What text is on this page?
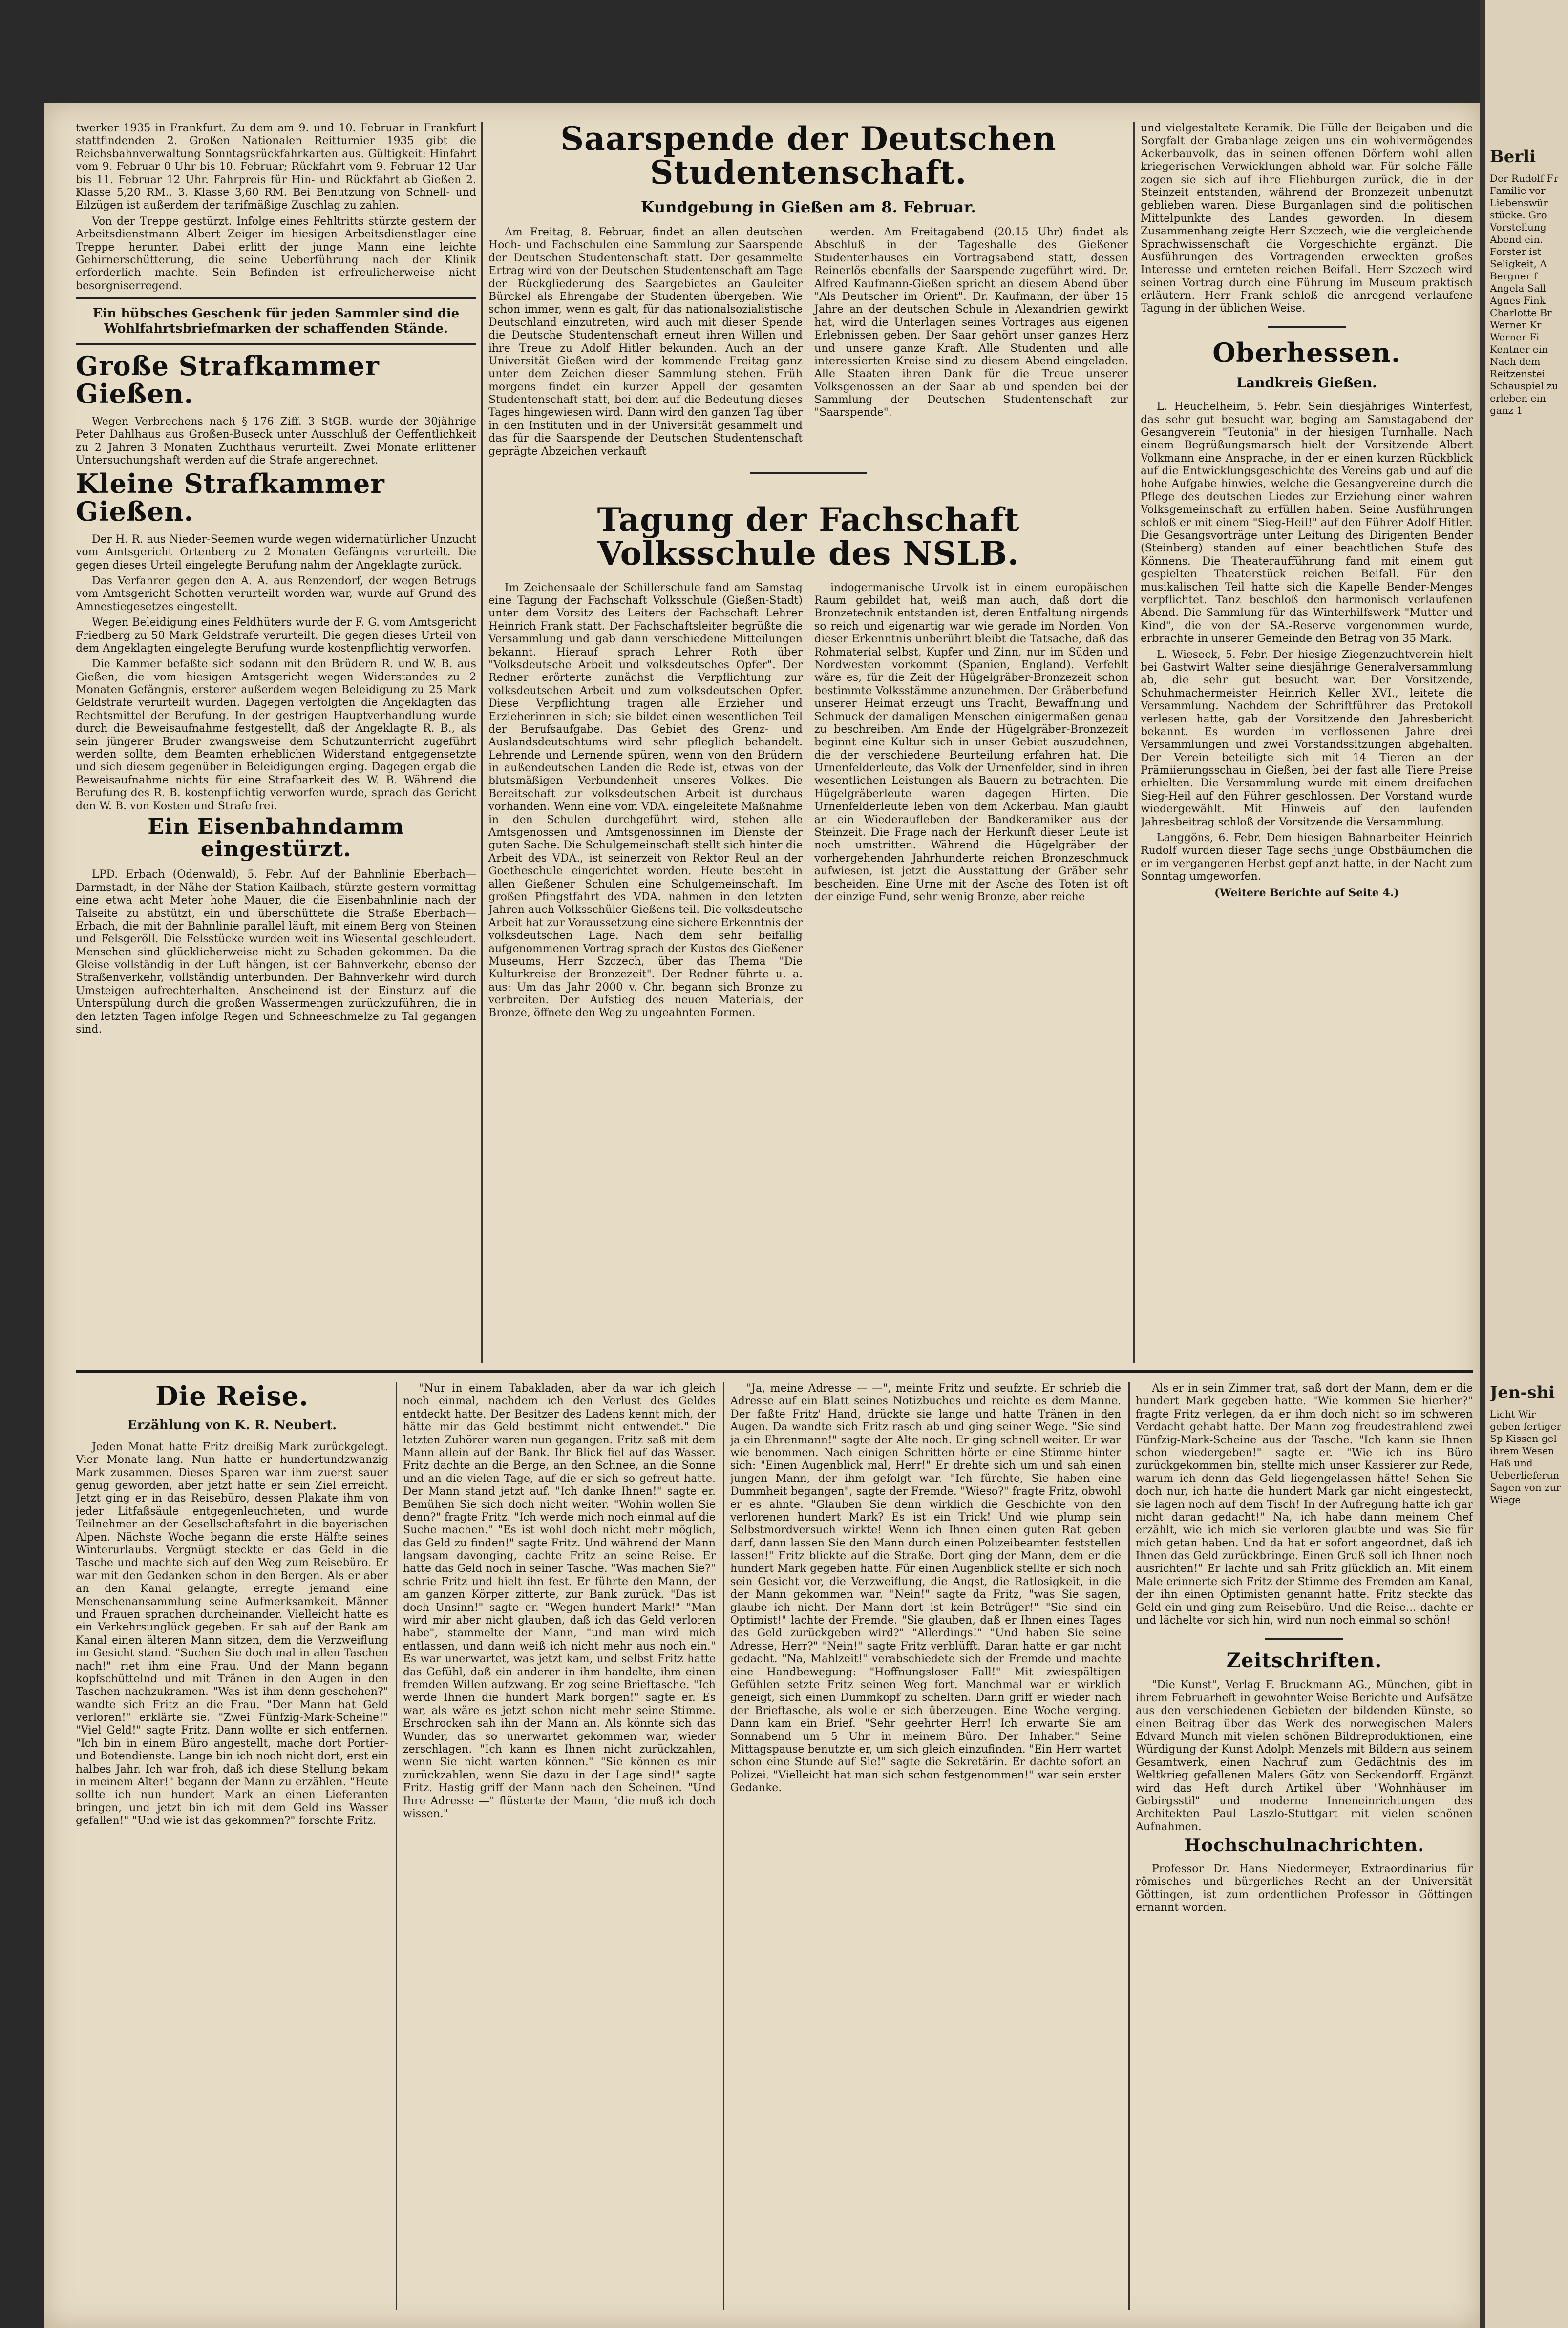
twerker 1935 in Frankfurt. Zu dem am 9. und 10. Februar in Frankfurt stattfindenden 2. Großen Nationalen Reitturnier 1935 gibt die Reichsbahnverwaltung Sonntagsrückfahrkarten aus. Gültigkeit: Hinfahrt vom 9. Februar 0 Uhr bis 10. Februar; Rückfahrt vom 9. Februar 12 Uhr bis 11. Februar 12 Uhr. Fahrpreis für Hin- und Rückfahrt ab Gießen 2. Klasse 5,20 RM., 3. Klasse 3,60 RM. Bei Benutzung von Schnell- und Eilzügen ist außerdem der tarifmäßige Zuschlag zu zahlen.

Von der Treppe gestürzt. Infolge eines Fehltritts stürzte gestern der Arbeitsdienstmann Albert Zeiger im hiesigen Arbeitsdienstlager eine Treppe herunter. Dabei erlitt der junge Mann eine leichte Gehirnerschütterung, die seine Ueberführung nach der Klinik erforderlich machte. Sein Befinden ist erfreulicherweise nicht besorgniserregend.

Ein hübsches Geschenk für jeden Sammler sind die Wohlfahrtsbriefmarken der schaffenden Stände.
Große Strafkammer Gießen.

Wegen Verbrechens nach § 176 Ziff. 3 StGB. wurde der 30jährige Peter Dahlhaus aus Großen-Buseck unter Ausschluß der Oeffentlichkeit zu 2 Jahren 3 Monaten Zuchthaus verurteilt. Zwei Monate erlittener Untersuchungshaft werden auf die Strafe angerechnet.

Kleine Strafkammer Gießen.

Der H. R. aus Nieder-Seemen wurde wegen widernatürlicher Unzucht vom Amtsgericht Ortenberg zu 2 Monaten Gefängnis verurteilt. Die gegen dieses Urteil eingelegte Berufung nahm der Angeklagte zurück.

Das Verfahren gegen den A. A. aus Renzendorf, der wegen Betrugs vom Amtsgericht Schotten verurteilt worden war, wurde auf Grund des Amnestiegesetzes eingestellt.

Wegen Beleidigung eines Feldhüters wurde der F. G. vom Amtsgericht Friedberg zu 50 Mark Geldstrafe verurteilt. Die gegen dieses Urteil von dem Angeklagten eingelegte Berufung wurde kostenpflichtig verworfen.

Die Kammer befaßte sich sodann mit den Brüdern R. und W. B. aus Gießen, die vom hiesigen Amtsgericht wegen Widerstandes zu 2 Monaten Gefängnis, ersterer außerdem wegen Beleidigung zu 25 Mark Geldstrafe verurteilt wurden. Dagegen verfolgten die Angeklagten das Rechtsmittel der Berufung. In der gestrigen Hauptverhandlung wurde durch die Beweisaufnahme festgestellt, daß der Angeklagte R. B., als sein jüngerer Bruder zwangsweise dem Schutzunterricht zugeführt werden sollte, dem Beamten erheblichen Widerstand entgegensetzte und sich diesem gegenüber in Beleidigungen erging. Dagegen ergab die Beweisaufnahme nichts für eine Strafbarkeit des W. B. Während die Berufung des R. B. kostenpflichtig verworfen wurde, sprach das Gericht den W. B. von Kosten und Strafe frei.

Ein Eisenbahndamm eingestürzt.

LPD. Erbach (Odenwald), 5. Febr. Auf der Bahnlinie Eberbach—Darmstadt, in der Nähe der Station Kailbach, stürzte gestern vormittag eine etwa acht Meter hohe Mauer, die die Eisenbahnlinie nach der Talseite zu abstützt, ein und überschüttete die Straße Eberbach—Erbach, die mit der Bahnlinie parallel läuft, mit einem Berg von Steinen und Felsgeröll. Die Felsstücke wurden weit ins Wiesental geschleudert. Menschen sind glücklicherweise nicht zu Schaden gekommen. Da die Gleise vollständig in der Luft hängen, ist der Bahnverkehr, ebenso der Straßenverkehr, vollständig unterbunden. Der Bahnverkehr wird durch Umsteigen aufrechterhalten. Anscheinend ist der Einsturz auf die Unterspülung durch die großen Wassermengen zurückzuführen, die in den letzten Tagen infolge Regen und Schneeschmelze zu Tal gegangen sind.

Saarspende der Deutschen Studentenschaft.
Kundgebung in Gießen am 8. Februar.

Am Freitag, 8. Februar, findet an allen deutschen Hoch- und Fachschulen eine Sammlung zur Saarspende der Deutschen Studentenschaft statt. Der gesammelte Ertrag wird von der Deutschen Studentenschaft am Tage der Rückgliederung des Saargebietes an Gauleiter Bürckel als Ehrengabe der Studenten übergeben. Wie schon immer, wenn es galt, für das nationalsozialistische Deutschland einzutreten, wird auch mit dieser Spende die Deutsche Studentenschaft erneut ihren Willen und ihre Treue zu Adolf Hitler bekunden. Auch an der Universität Gießen wird der kommende Freitag ganz unter dem Zeichen dieser Sammlung stehen. Früh morgens findet ein kurzer Appell der gesamten Studentenschaft statt, bei dem auf die Bedeutung dieses Tages hingewiesen wird. Dann wird den ganzen Tag über in den Instituten und in der Universität gesammelt und das für die Saarspende der Deutschen Studentenschaft geprägte Abzeichen verkauft

werden. Am Freitagabend (20.15 Uhr) findet als Abschluß in der Tageshalle des Gießener Studentenhauses ein Vortragsabend statt, dessen Reinerlös ebenfalls der Saarspende zugeführt wird. Dr. Alfred Kaufmann-Gießen spricht an diesem Abend über "Als Deutscher im Orient". Dr. Kaufmann, der über 15 Jahre an der deutschen Schule in Alexandrien gewirkt hat, wird die Unterlagen seines Vortrages aus eigenen Erlebnissen geben. Der Saar gehört unser ganzes Herz und unsere ganze Kraft. Alle Studenten und alle interessierten Kreise sind zu diesem Abend eingeladen. Alle Staaten ihren Dank für die Treue unserer Volksgenossen an der Saar ab und spenden bei der Sammlung der Deutschen Studentenschaft zur "Saarspende".

Tagung der Fachschaft Volksschule des NSLB.

Im Zeichensaale der Schillerschule fand am Samstag eine Tagung der Fachschaft Volksschule (Gießen-Stadt) unter dem Vorsitz des Leiters der Fachschaft Lehrer Heinrich Frank statt. Der Fachschaftsleiter begrüßte die Versammlung und gab dann verschiedene Mitteilungen bekannt. Hierauf sprach Lehrer Roth über "Volksdeutsche Arbeit und volksdeutsches Opfer". Der Redner erörterte zunächst die Verpflichtung zur volksdeutschen Arbeit und zum volksdeutschen Opfer. Diese Verpflichtung tragen alle Erzieher und Erzieherinnen in sich; sie bildet einen wesentlichen Teil der Berufsaufgabe. Das Gebiet des Grenz- und Auslandsdeutschtums wird sehr pfleglich behandelt. Lehrende und Lernende spüren, wenn von den Brüdern in außendeutschen Landen die Rede ist, etwas von der blutsmäßigen Verbundenheit unseres Volkes. Die Bereitschaft zur volksdeutschen Arbeit ist durchaus vorhanden. Wenn eine vom VDA. eingeleitete Maßnahme in den Schulen durchgeführt wird, stehen alle Amtsgenossen und Amtsgenossinnen im Dienste der guten Sache. Die Schulgemeinschaft stellt sich hinter die Arbeit des VDA., ist seinerzeit von Rektor Reul an der Goetheschule eingerichtet worden. Heute besteht in allen Gießener Schulen eine Schulgemeinschaft. Im großen Pfingstfahrt des VDA. nahmen in den letzten Jahren auch Volksschüler Gießens teil. Die volksdeutsche Arbeit hat zur Voraussetzung eine sichere Erkenntnis der volksdeutschen Lage. Nach dem sehr beifällig aufgenommenen Vortrag sprach der Kustos des Gießener Museums, Herr Szczech, über das Thema "Die Kulturkreise der Bronzezeit". Der Redner führte u. a. aus: Um das Jahr 2000 v. Chr. begann sich Bronze zu verbreiten. Der Aufstieg des neuen Materials, der Bronze, öffnete den Weg zu ungeahnten Formen.

indogermanische Urvolk ist in einem europäischen Raum gebildet hat, weiß man auch, daß dort die Bronzetechnik entstanden ist, deren Entfaltung nirgends so reich und eigenartig war wie gerade im Norden. Von dieser Erkenntnis unberührt bleibt die Tatsache, daß das Rohmaterial selbst, Kupfer und Zinn, nur im Süden und Nordwesten vorkommt (Spanien, England). Verfehlt wäre es, für die Zeit der Hügelgräber-Bronzezeit schon bestimmte Volksstämme anzunehmen. Der Gräberbefund unserer Heimat erzeugt uns Tracht, Bewaffnung und Schmuck der damaligen Menschen einigermaßen genau zu beschreiben. Am Ende der Hügelgräber-Bronzezeit beginnt eine Kultur sich in unser Gebiet auszudehnen, die der verschiedene Beurteilung erfahren hat. Die Urnenfelderleute, das Volk der Urnenfelder, sind in ihren wesentlichen Leistungen als Bauern zu betrachten. Die Hügelgräberleute waren dagegen Hirten. Die Urnenfelderleute leben von dem Ackerbau. Man glaubt an ein Wiederaufleben der Bandkeramiker aus der Steinzeit. Die Frage nach der Herkunft dieser Leute ist noch umstritten. Während die Hügelgräber der vorhergehenden Jahrhunderte reichen Bronzeschmuck aufwiesen, ist jetzt die Ausstattung der Gräber sehr bescheiden. Eine Urne mit der Asche des Toten ist oft der einzige Fund, sehr wenig Bronze, aber reiche

und vielgestaltete Keramik. Die Fülle der Beigaben und die Sorgfalt der Grabanlage zeigen uns ein wohlvermögendes Ackerbauvolk, das in seinen offenen Dörfern wohl allen kriegerischen Verwicklungen abhold war. Für solche Fälle zogen sie sich auf ihre Fliehburgen zurück, die in der Steinzeit entstanden, während der Bronzezeit unbenutzt geblieben waren. Diese Burganlagen sind die politischen Mittelpunkte des Landes geworden. In diesem Zusammenhang zeigte Herr Szczech, wie die vergleichende Sprachwissenschaft die Vorgeschichte ergänzt. Die Ausführungen des Vortragenden erweckten großes Interesse und ernteten reichen Beifall. Herr Szczech wird seinen Vortrag durch eine Führung im Museum praktisch erläutern. Herr Frank schloß die anregend verlaufene Tagung in der üblichen Weise.

Oberhessen.
Landkreis Gießen.

L. Heuchelheim, 5. Febr. Sein diesjähriges Winterfest, das sehr gut besucht war, beging am Samstagabend der Gesangverein "Teutonia" in der hiesigen Turnhalle. Nach einem Begrüßungsmarsch hielt der Vorsitzende Albert Volkmann eine Ansprache, in der er einen kurzen Rückblick auf die Entwicklungsgeschichte des Vereins gab und auf die hohe Aufgabe hinwies, welche die Gesangvereine durch die Pflege des deutschen Liedes zur Erziehung einer wahren Volksgemeinschaft zu erfüllen haben. Seine Ausführungen schloß er mit einem "Sieg-Heil!" auf den Führer Adolf Hitler. Die Gesangsvorträge unter Leitung des Dirigenten Bender (Steinberg) standen auf einer beachtlichen Stufe des Könnens. Die Theateraufführung fand mit einem gut gespielten Theaterstück reichen Beifall. Für den musikalischen Teil hatte sich die Kapelle Bender-Menges verpflichtet. Tanz beschloß den harmonisch verlaufenen Abend. Die Sammlung für das Winterhilfswerk "Mutter und Kind", die von der SA.-Reserve vorgenommen wurde, erbrachte in unserer Gemeinde den Betrag von 35 Mark.

L. Wieseck, 5. Febr. Der hiesige Ziegenzuchtverein hielt bei Gastwirt Walter seine diesjährige Generalversammlung ab, die sehr gut besucht war. Der Vorsitzende, Schuhmachermeister Heinrich Keller XVI., leitete die Versammlung. Nachdem der Schriftführer das Protokoll verlesen hatte, gab der Vorsitzende den Jahresbericht bekannt. Es wurden im verflossenen Jahre drei Versammlungen und zwei Vorstandssitzungen abgehalten. Der Verein beteiligte sich mit 14 Tieren an der Prämiierungsschau in Gießen, bei der fast alle Tiere Preise erhielten. Die Versammlung wurde mit einem dreifachen Sieg-Heil auf den Führer geschlossen. Der Vorstand wurde wiedergewählt. Mit Hinweis auf den laufenden Jahresbeitrag schloß der Vorsitzende die Versammlung.

Langgöns, 6. Febr. Dem hiesigen Bahnarbeiter Heinrich Rudolf wurden dieser Tage sechs junge Obstbäumchen die er im vergangenen Herbst gepflanzt hatte, in der Nacht zum Sonntag umgeworfen.

(Weitere Berichte auf Seite 4.)

Die Reise.
Erzählung von K. R. Neubert.

Jeden Monat hatte Fritz dreißig Mark zurückgelegt. Vier Monate lang. Nun hatte er hundertundzwanzig Mark zusammen. Dieses Sparen war ihm zuerst sauer genug geworden, aber jetzt hatte er sein Ziel erreicht. Jetzt ging er in das Reisebüro, dessen Plakate ihm von jeder Litfaßsäule entgegenleuchteten, und wurde Teilnehmer an der Gesellschaftsfahrt in die bayerischen Alpen. Nächste Woche begann die erste Hälfte seines Winterurlaubs. Vergnügt steckte er das Geld in die Tasche und machte sich auf den Weg zum Reisebüro. Er war mit den Gedanken schon in den Bergen. Als er aber an den Kanal gelangte, erregte jemand eine Menschenansammlung seine Aufmerksamkeit. Männer und Frauen sprachen durcheinander. Vielleicht hatte es ein Verkehrsunglück gegeben. Er sah auf der Bank am Kanal einen älteren Mann sitzen, dem die Verzweiflung im Gesicht stand. "Suchen Sie doch mal in allen Taschen nach!" riet ihm eine Frau. Und der Mann begann kopfschüttelnd und mit Tränen in den Augen in den Taschen nachzukramen. "Was ist ihm denn geschehen?" wandte sich Fritz an die Frau. "Der Mann hat Geld verloren!" erklärte sie. "Zwei Fünfzig-Mark-Scheine!" "Viel Geld!" sagte Fritz. Dann wollte er sich entfernen. "Ich bin in einem Büro angestellt, mache dort Portier- und Botendienste. Lange bin ich noch nicht dort, erst ein halbes Jahr. Ich war froh, daß ich diese Stellung bekam in meinem Alter!" begann der Mann zu erzählen. "Heute sollte ich nun hundert Mark an einen Lieferanten bringen, und jetzt bin ich mit dem Geld ins Wasser gefallen!" "Und wie ist das gekommen?" forschte Fritz.

"Nur in einem Tabakladen, aber da war ich gleich noch einmal, nachdem ich den Verlust des Geldes entdeckt hatte. Der Besitzer des Ladens kennt mich, der hätte mir das Geld bestimmt nicht entwendet." Die letzten Zuhörer waren nun gegangen. Fritz saß mit dem Mann allein auf der Bank. Ihr Blick fiel auf das Wasser. Fritz dachte an die Berge, an den Schnee, an die Sonne und an die vielen Tage, auf die er sich so gefreut hatte. Der Mann stand jetzt auf. "Ich danke Ihnen!" sagte er. Bemühen Sie sich doch nicht weiter. "Wohin wollen Sie denn?" fragte Fritz. "Ich werde mich noch einmal auf die Suche machen." "Es ist wohl doch nicht mehr möglich, das Geld zu finden!" sagte Fritz. Und während der Mann langsam davonging, dachte Fritz an seine Reise. Er hatte das Geld noch in seiner Tasche. "Was machen Sie?" schrie Fritz und hielt ihn fest. Er führte den Mann, der am ganzen Körper zitterte, zur Bank zurück. "Das ist doch Unsinn!" sagte er. "Wegen hundert Mark!" "Man wird mir aber nicht glauben, daß ich das Geld verloren habe", stammelte der Mann, "und man wird mich entlassen, und dann weiß ich nicht mehr aus noch ein." Es war unerwartet, was jetzt kam, und selbst Fritz hatte das Gefühl, daß ein anderer in ihm handelte, ihm einen fremden Willen aufzwang. Er zog seine Brieftasche. "Ich werde Ihnen die hundert Mark borgen!" sagte er. Es war, als wäre es jetzt schon nicht mehr seine Stimme. Erschrocken sah ihn der Mann an. Als könnte sich das Wunder, das so unerwartet gekommen war, wieder zerschlagen. "Ich kann es Ihnen nicht zurückzahlen, wenn Sie nicht warten können." "Sie können es mir zurückzahlen, wenn Sie dazu in der Lage sind!" sagte Fritz. Hastig griff der Mann nach den Scheinen. "Und Ihre Adresse —" flüsterte der Mann, "die muß ich doch wissen."

"Ja, meine Adresse — —", meinte Fritz und seufzte. Er schrieb die Adresse auf ein Blatt seines Notizbuches und reichte es dem Manne. Der faßte Fritz' Hand, drückte sie lange und hatte Tränen in den Augen. Da wandte sich Fritz rasch ab und ging seiner Wege. "Sie sind ja ein Ehrenmann!" sagte der Alte noch. Er ging schnell weiter. Er war wie benommen. Nach einigen Schritten hörte er eine Stimme hinter sich: "Einen Augenblick mal, Herr!" Er drehte sich um und sah einen jungen Mann, der ihm gefolgt war. "Ich fürchte, Sie haben eine Dummheit begangen", sagte der Fremde. "Wieso?" fragte Fritz, obwohl er es ahnte. "Glauben Sie denn wirklich die Geschichte von den verlorenen hundert Mark? Es ist ein Trick! Und wie plump sein Selbstmordversuch wirkte! Wenn ich Ihnen einen guten Rat geben darf, dann lassen Sie den Mann durch einen Polizeibeamten feststellen lassen!" Fritz blickte auf die Straße. Dort ging der Mann, dem er die hundert Mark gegeben hatte. Für einen Augenblick stellte er sich noch sein Gesicht vor, die Verzweiflung, die Angst, die Ratlosigkeit, in die der Mann gekommen war. "Nein!" sagte da Fritz, "was Sie sagen, glaube ich nicht. Der Mann dort ist kein Betrüger!" "Sie sind ein Optimist!" lachte der Fremde. "Sie glauben, daß er Ihnen eines Tages das Geld zurückgeben wird?" "Allerdings!" "Und haben Sie seine Adresse, Herr?" "Nein!" sagte Fritz verblüfft. Daran hatte er gar nicht gedacht. "Na, Mahlzeit!" verabschiedete sich der Fremde und machte eine Handbewegung: "Hoffnungsloser Fall!" Mit zwiespältigen Gefühlen setzte Fritz seinen Weg fort. Manchmal war er wirklich geneigt, sich einen Dummkopf zu schelten. Dann griff er wieder nach der Brieftasche, als wolle er sich überzeugen. Eine Woche verging. Dann kam ein Brief. "Sehr geehrter Herr! Ich erwarte Sie am Sonnabend um 5 Uhr in meinem Büro. Der Inhaber." Seine Mittagspause benutzte er, um sich gleich einzufinden. "Ein Herr wartet schon eine Stunde auf Sie!" sagte die Sekretärin. Er dachte sofort an Polizei. "Vielleicht hat man sich schon festgenommen!" war sein erster Gedanke.

Als er in sein Zimmer trat, saß dort der Mann, dem er die hundert Mark gegeben hatte. "Wie kommen Sie hierher?" fragte Fritz verlegen, da er ihm doch nicht so im schweren Verdacht gehabt hatte. Der Mann zog freudestrahlend zwei Fünfzig-Mark-Scheine aus der Tasche. "Ich kann sie Ihnen schon wiedergeben!" sagte er. "Wie ich ins Büro zurückgekommen bin, stellte mich unser Kassierer zur Rede, warum ich denn das Geld liegengelassen hätte! Sehen Sie doch nur, ich hatte die hundert Mark gar nicht eingesteckt, sie lagen noch auf dem Tisch! In der Aufregung hatte ich gar nicht daran gedacht!" Na, ich habe dann meinem Chef erzählt, wie ich mich sie verloren glaubte und was Sie für mich getan haben. Und da hat er sofort angeordnet, daß ich Ihnen das Geld zurückbringe. Einen Gruß soll ich Ihnen noch ausrichten!" Er lachte und sah Fritz glücklich an. Mit einem Male erinnerte sich Fritz der Stimme des Fremden am Kanal, der ihn einen Optimisten genannt hatte. Fritz steckte das Geld ein und ging zum Reisebüro. Und die Reise... dachte er und lächelte vor sich hin, wird nun noch einmal so schön!

Zeitschriften.

"Die Kunst", Verlag F. Bruckmann AG., München, gibt in ihrem Februarheft in gewohnter Weise Berichte und Aufsätze aus den verschiedenen Gebieten der bildenden Künste, so einen Beitrag über das Werk des norwegischen Malers Edvard Munch mit vielen schönen Bildreproduktionen, eine Würdigung der Kunst Adolph Menzels mit Bildern aus seinem Gesamtwerk, einen Nachruf zum Gedächtnis des im Weltkrieg gefallenen Malers Götz von Seckendorff. Ergänzt wird das Heft durch Artikel über "Wohnhäuser im Gebirgsstil" und moderne Inneneinrichtungen des Architekten Paul Laszlo-Stuttgart mit vielen schönen Aufnahmen.

Hochschulnachrichten.

Professor Dr. Hans Niedermeyer, Extraordinarius für römisches und bürgerliches Recht an der Universität Göttingen, ist zum ordentlichen Professor in Göttingen ernannt worden.

Berli
Der Rudolf Fr Familie vor Liebenswür stücke. Gro Vorstellung Abend ein. Forster ist Seligkeit, A Bergner f Angela Sall Agnes Fink Charlotte Br Werner Kr Werner Fi Kentner ein Nach dem Reitzenstei Schauspiel zu erleben ein ganz 1
Jen-shi
Licht Wir geben fertiger Sp Kissen gel ihrem Wesen Haß und Ueberlieferun Sagen von zur Wiege
